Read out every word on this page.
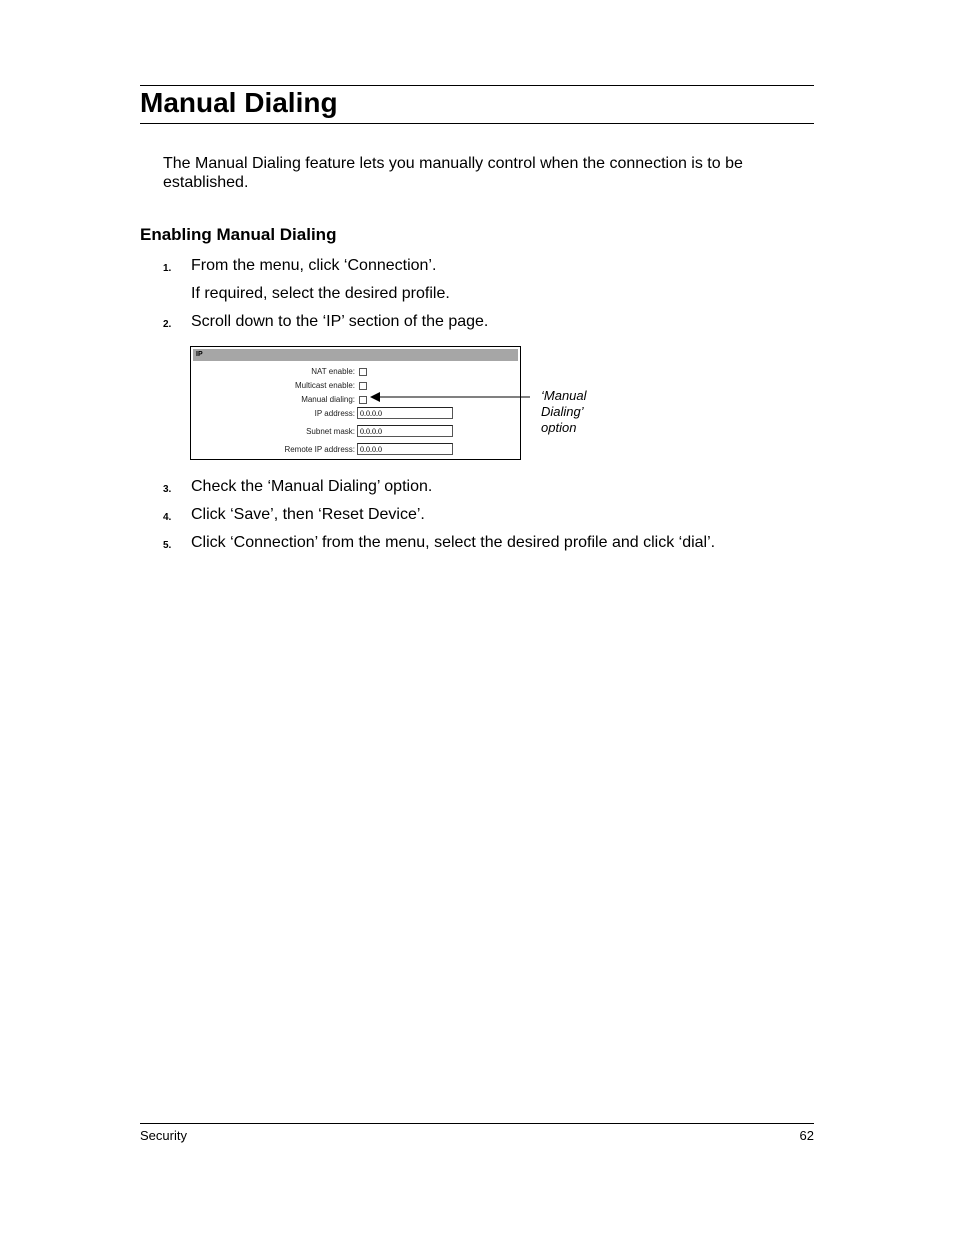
Manual Dialing

The Manual Dialing feature lets you manually control when the connection is to be established.

Enabling Manual Dialing
1. From the menu, click ‘Connection’.
If required, select the desired profile.
2. Scroll down to the ‘IP’ section of the page.
IP
NAT enable:
Multicast enable:
Manual dialing:
IP address: 0.0.0.0
Subnet mask: 0.0.0.0
Remote IP address: 0.0.0.0
‘Manual
Dialing’
option
3. Check the ‘Manual Dialing’ option.
4. Click ‘Save’, then ‘Reset Device’.
5. Click ‘Connection’ from the menu, select the desired profile and click ‘dial’.
Security	62
